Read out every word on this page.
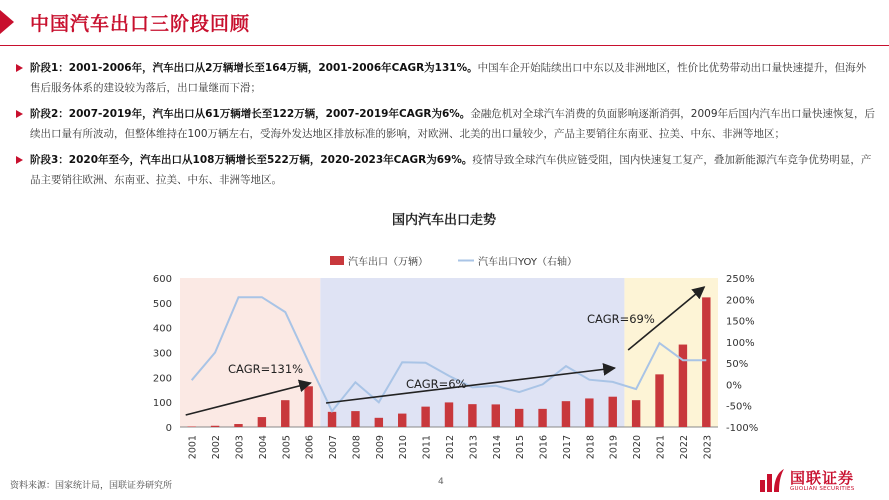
中国汽车出口三阶段回顾
阶段1：2001-2006年，汽车出口从2万辆增长至164万辆，2001-2006年CAGR为131%。中国车企开始陆续出口中东以及非洲地区，性价比优势带动出口量快速提升，但海外售后服务体系的建设较为落后，出口量继而下滑；
阶段2：2007-2019年，汽车出口从61万辆增长至122万辆，2007-2019年CAGR为6%。金融危机对全球汽车消费的负面影响逐渐消弭，2009年后国内汽车出口量快速恢复，后续出口量有所波动，但整体维持在100万辆左右，受海外发达地区排放标准的影响，对欧洲、北美的出口量较少，产品主要销往东南亚、拉美、中东、非洲等地区；
阶段3：2020年至今，汽车出口从108万辆增长至522万辆，2020-2023年CAGR为69%。疫情导致全球汽车供应链受阻，国内快速复工复产，叠加新能源汽车竞争优势明显，产品主要销往欧洲、东南亚、拉美、中东、非洲等地区。
国内汽车出口走势
0
100
200
300
400
500
600
-100%
-50%
0%
50%
100%
150%
200%
250%
2001 2002 2003 2004 2005 2006 2007 2008 2009 2010 2011 2012 2013 2014 2015 2016 2017 2018 2019 2020 2021 2022 2023
CAGR=131%
CAGR=6%
CAGR=69%
汽车出口（万辆）	汽车出口YOY（右轴）
资料来源：国家统计局，国联证券研究所	4	国联证券
GUOLIAN SECURITIES
